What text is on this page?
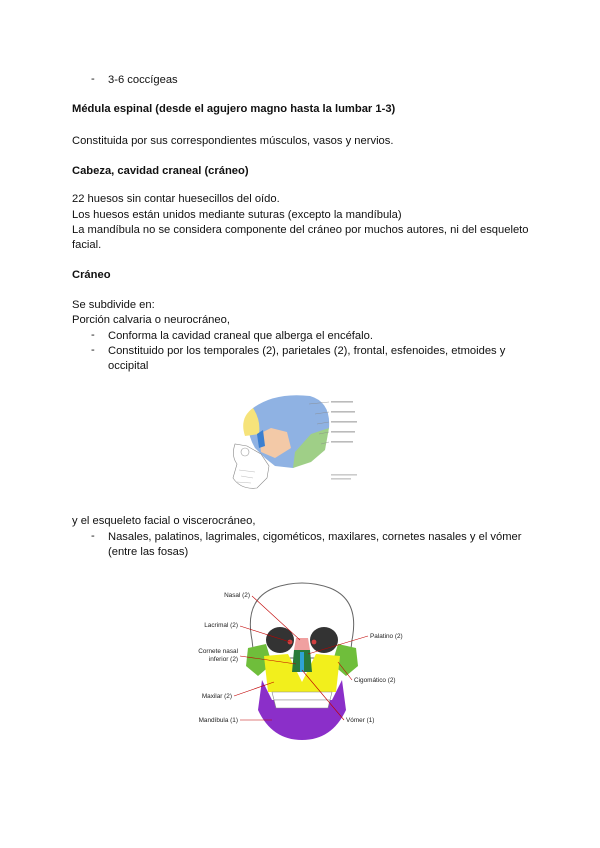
- 3-6 coccígeas
Médula espinal (desde el agujero magno hasta la lumbar 1-3)
Constituida por sus correspondientes músculos, vasos y nervios.
Cabeza, cavidad craneal (cráneo)
22 huesos sin contar huesecillos del oído.
Los huesos están unidos mediante suturas (excepto la mandíbula)
La mandíbula no se considera componente del cráneo por muchos autores, ni del esqueleto
facial.
Cráneo
Se subdivide en:
Porción calvaria o neurocráneo,
- Conforma la cavidad craneal que alberga el encéfalo.
- Constituido por los temporales (2), parietales (2), frontal, esfenoides, etmoides y
occipital
y el esqueleto facial o viscerocráneo,
- Nasales, palatinos, lagrimales, cigométicos, maxilares, cornetes nasales y el vómer
(entre las fosas)
Nasal (2)
Lacrimal (2)
Cornete nasal
inferior (2)
Maxilar (2)
Mandíbula (1)
Palatino (2)
Cigomático (2)
Vómer (1)
